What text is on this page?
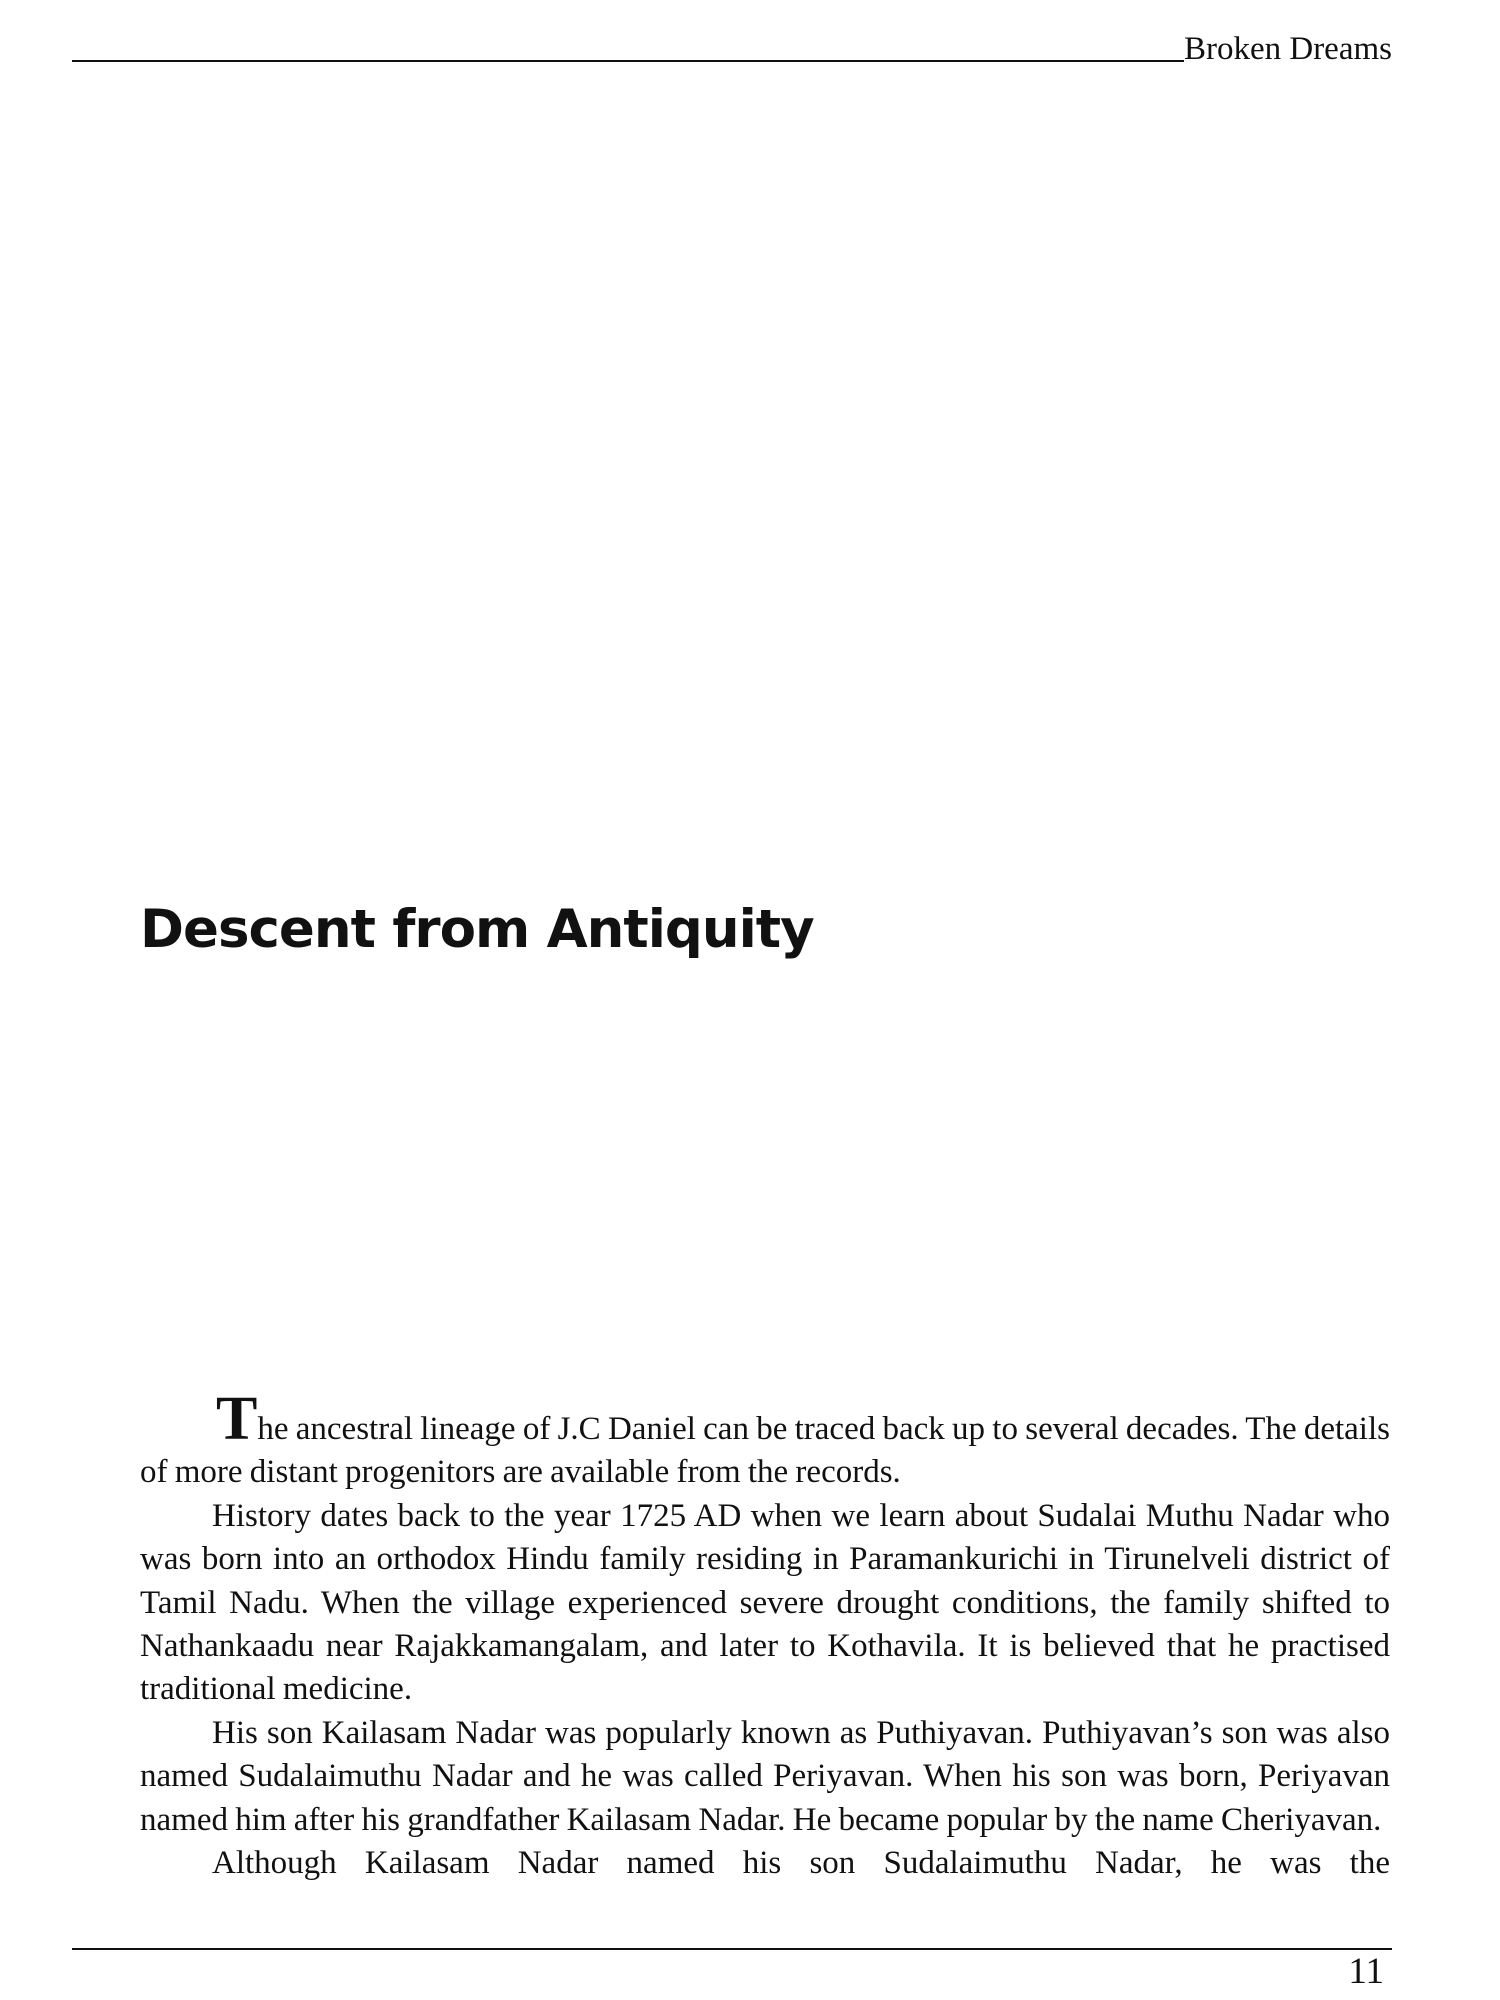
Broken Dreams
Descent from Antiquity

The ancestral lineage of J.C Daniel can be traced back up to several decades. The details of more distant progenitors are available from the records.

History dates back to the year 1725 AD when we learn about Sudalai Muthu Nadar who was born into an orthodox Hindu family residing in Paramankurichi in Tirunelveli district of Tamil Nadu. When the village experienced severe drought conditions, the family shifted to Nathankaadu near Rajakkamangalam, and later to Kothavila. It is believed that he practised traditional medicine.

His son Kailasam Nadar was popularly known as Puthiyavan. Puthiyavan’s son was also named Sudalaimuthu Nadar and he was called Periyavan. When his son was born, Periyavan named him after his grandfather Kailasam Nadar. He became popular by the name Cheriyavan.

Although Kailasam Nadar named his son Sudalaimuthu Nadar, he was the

11
